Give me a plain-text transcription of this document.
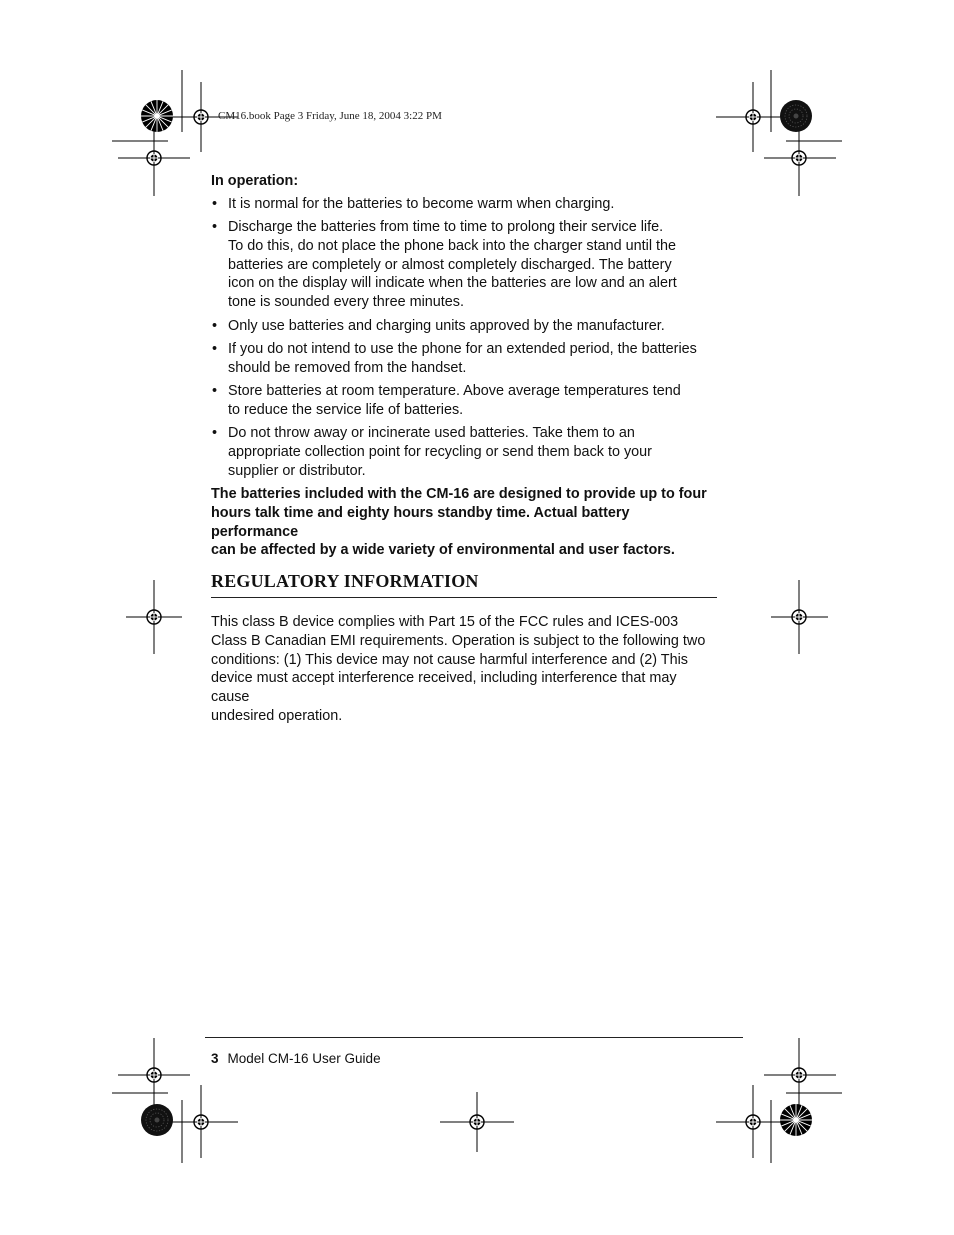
CM16.book Page 3 Friday, June 18, 2004 3:22 PM
In operation:
• It is normal for the batteries to become warm when charging.
• Discharge the batteries from time to time to prolong their service life.
To do this, do not place the phone back into the charger stand until the
batteries are completely or almost completely discharged. The battery
icon on the display will indicate when the batteries are low and an alert
tone is sounded every three minutes.
• Only use batteries and charging units approved by the manufacturer.
• If you do not intend to use the phone for an extended period, the batteries
should be removed from the handset.
• Store batteries at room temperature. Above average temperatures tend
to reduce the service life of batteries.
• Do not throw away or incinerate used batteries. Take them to an
appropriate collection point for recycling or send them back to your
supplier or distributor.
The batteries included with the CM-16 are designed to provide up to four
hours talk time and eighty hours standby time. Actual battery performance
can be affected by a wide variety of environmental and user factors.
REGULATORY INFORMATION
This class B device complies with Part 15 of the FCC rules and ICES-003
Class B Canadian EMI requirements. Operation is subject to the following two
conditions: (1) This device may not cause harmful interference and (2) This
device must accept interference received, including interference that may cause
undesired operation.
3 Model CM-16 User Guide
